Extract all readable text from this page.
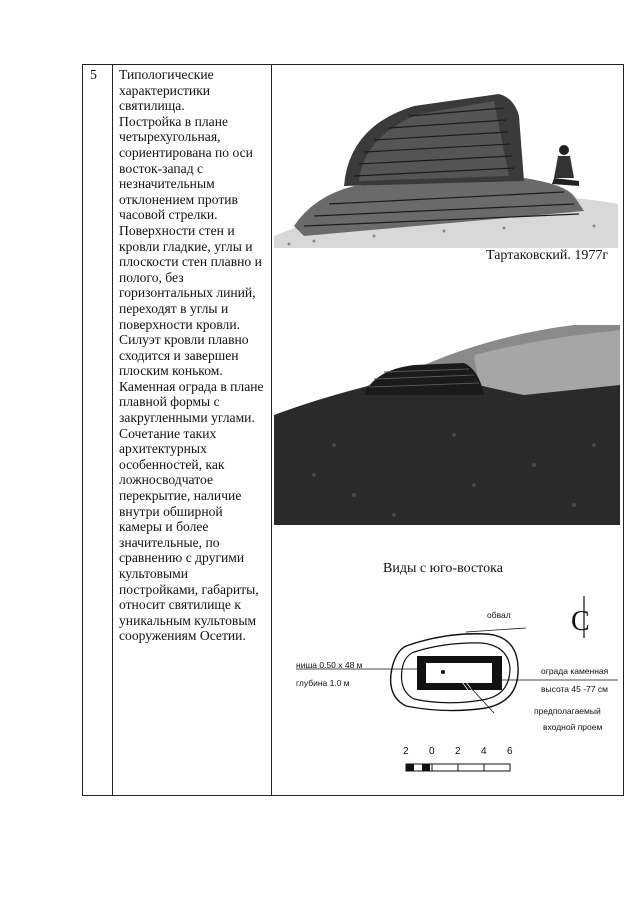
5 Типологические характеристики святилища.

Постройка в плане четырехугольная, сориентирована по оси восток-запад с незначительным отклонением против часовой стрелки.

Поверхности стен и кровли гладкие, углы и плоскости стен плавно и полого, без горизонтальных линий, переходят в углы и поверхности кровли. Силуэт кровли плавно сходится и завершен плоским коньком.

Каменная ограда в плане плавной формы с закругленными углами. Сочетание таких архитектурных особенностей, как ложносводчатое перекрытие, наличие внутри обширной камеры и более значительные, по сравнению с другими культовыми постройками, габариты, относит святилище к уникальным культовым сооружениям Осетии.

Тартаковский. 1977г
Виды с юго-востока
обвал
ниша 0.50 х 48 м
глубина 1.0 м
ограда каменная
высота 45 -77 см
предполагаемый
входной проем
С
2 0 2 4 6
